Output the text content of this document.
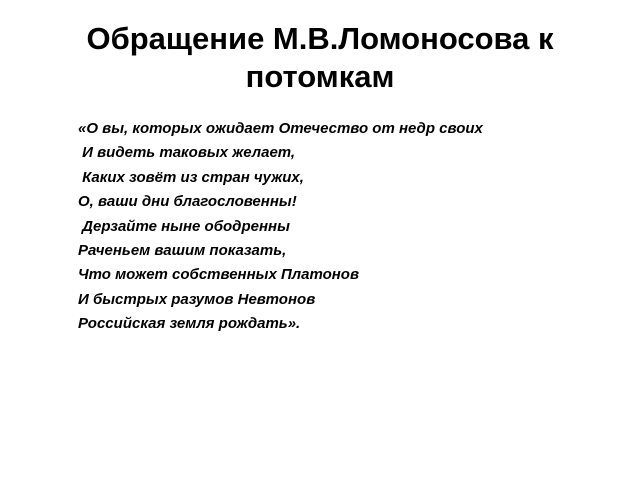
Обращение М.В.Ломоносова к
потомкам
«О вы, которых ожидает Отечество от недр своих
И видеть таковых желает,
Каких зовёт из стран чужих,
О, ваши дни благословенны!
Дерзайте ныне ободренны
Раченьем вашим показать,
Что может собственных Платонов
И быстрых разумов Невтонов
Российская земля рождать».
